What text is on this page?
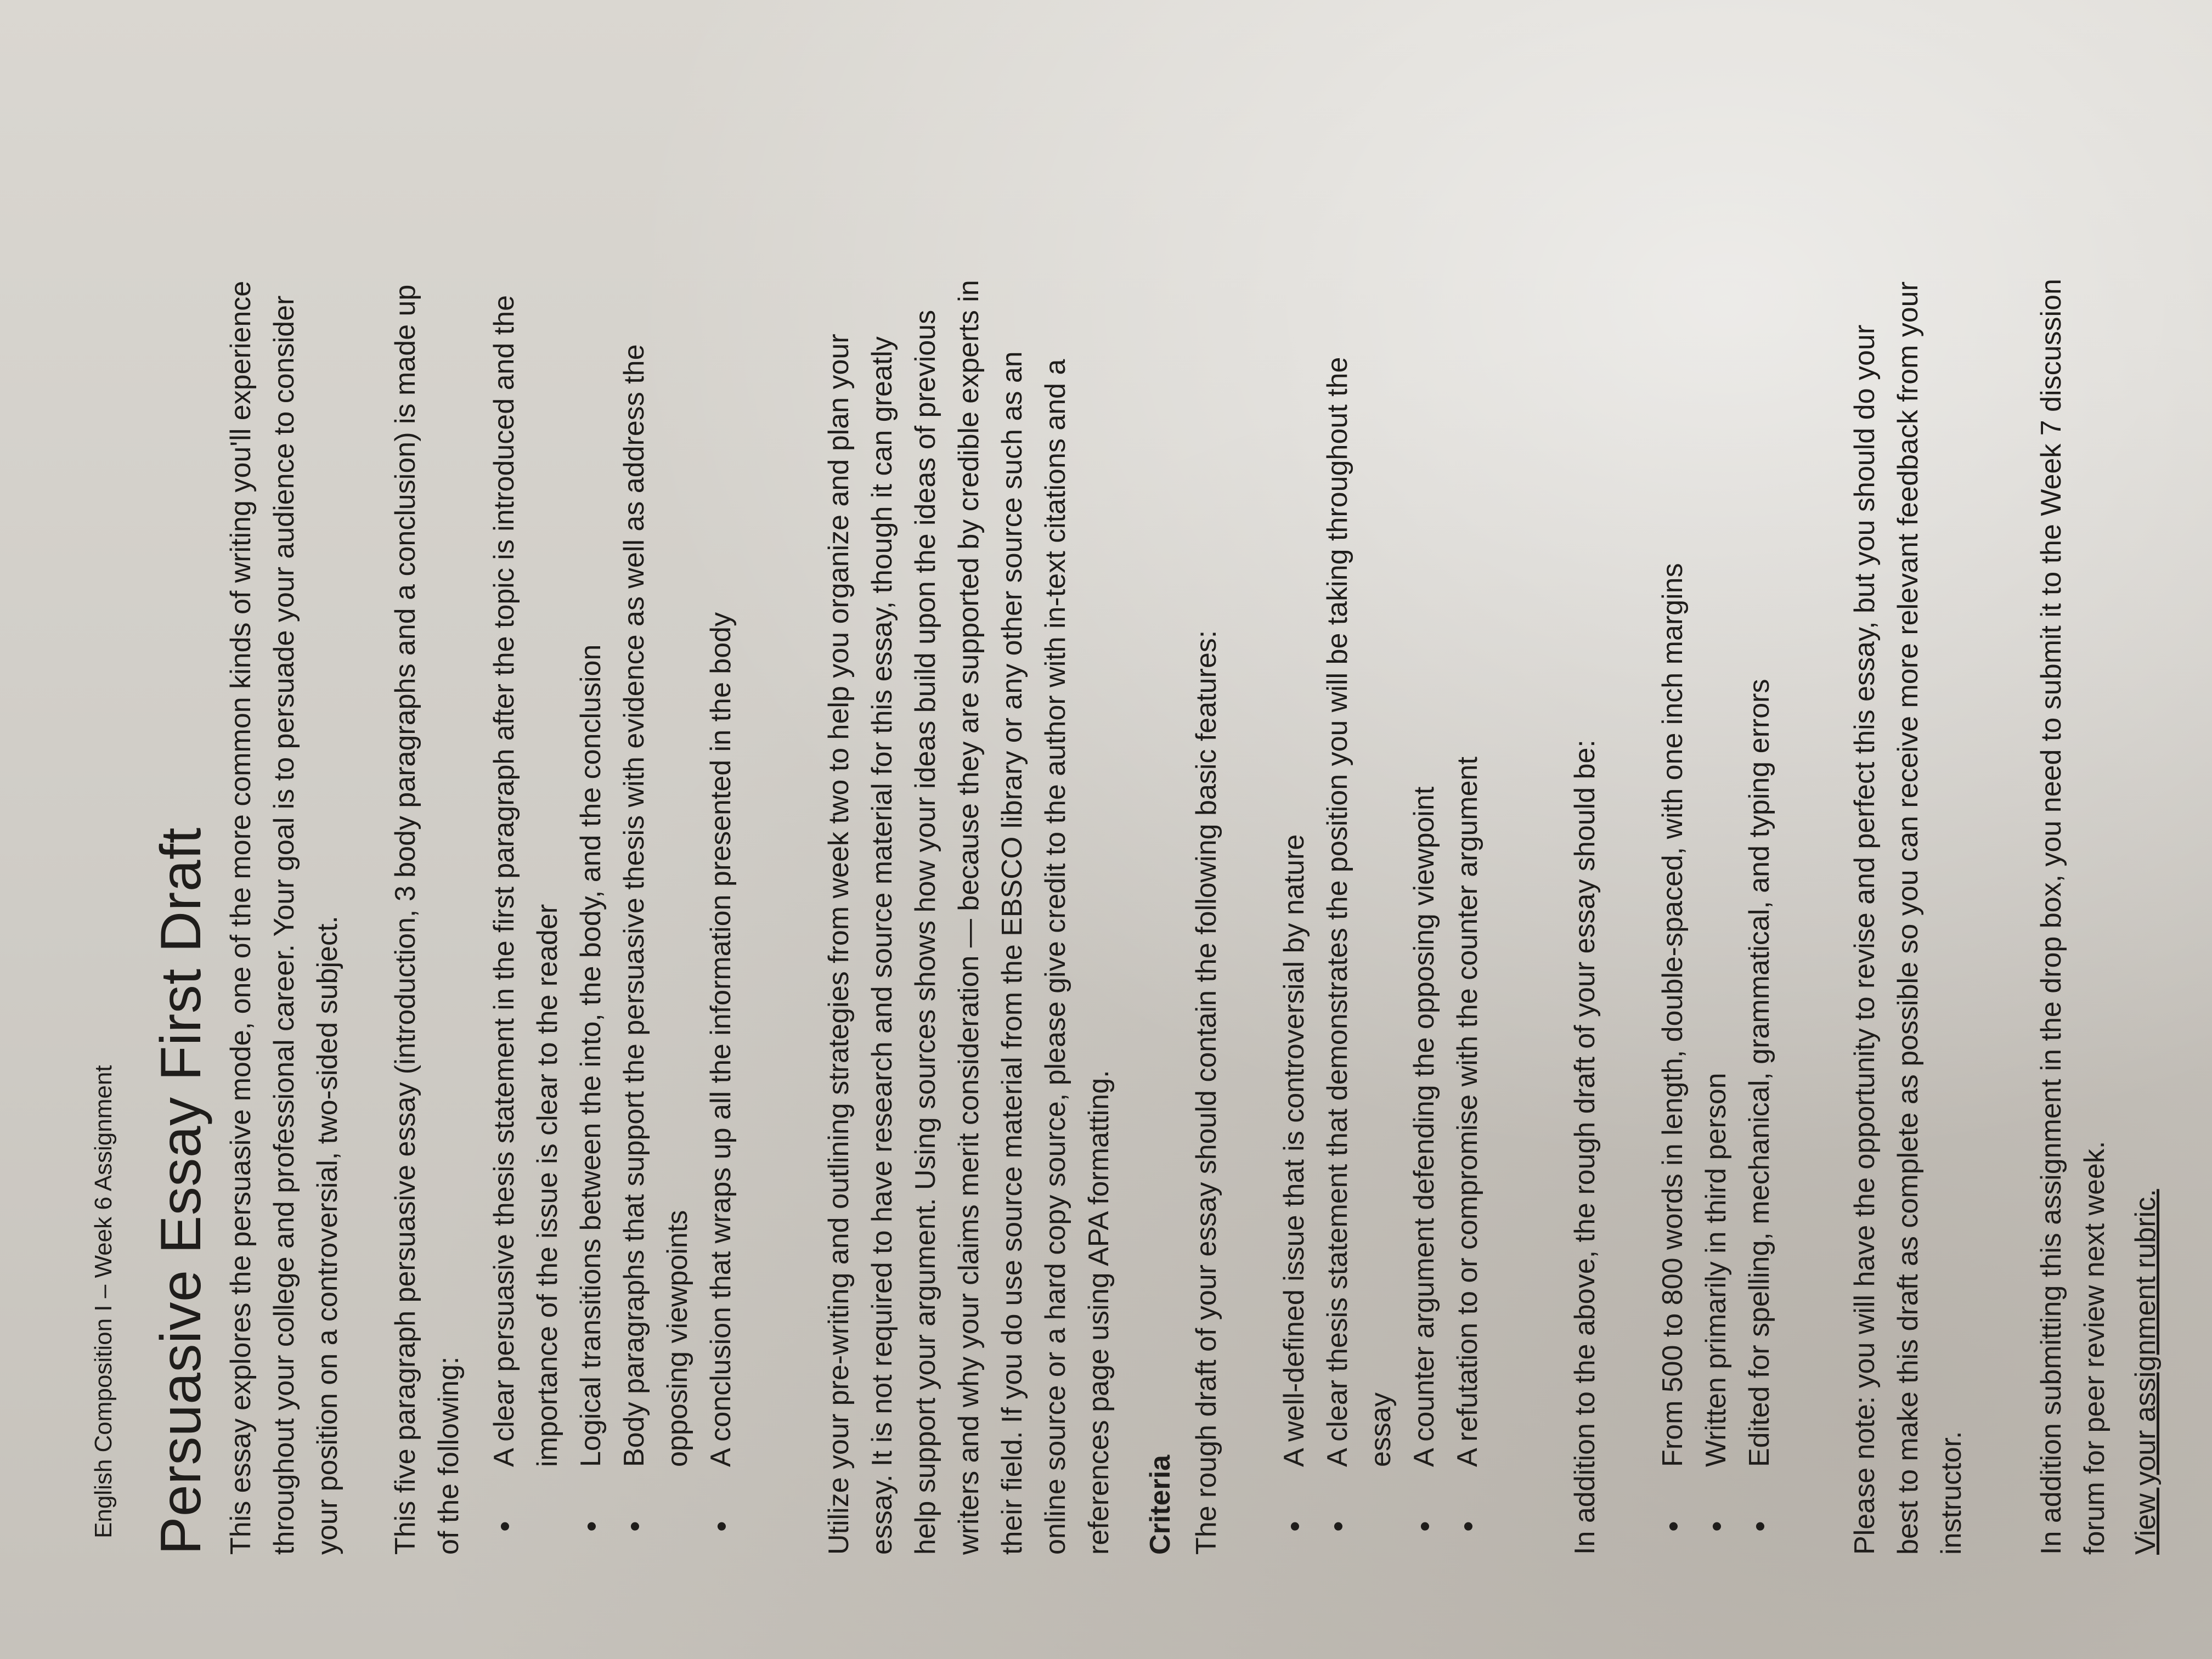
English Composition I – Week 6 Assignment Persuasive Essay First Draft This essay explores the persuasive mode, one of the more common kinds of writing you'll experience
throughout your college and professional career. Your goal is to persuade your audience to consider
your position on a controversial, two-sided subject.

This five paragraph persuasive essay (introduction, 3 body paragraphs and a conclusion) is made up
of the following:

•
A clear persuasive thesis statement in the first paragraph after the topic is introduced and the
importance of the issue is clear to the reader
•
Logical transitions between the into, the body, and the conclusion
•
Body paragraphs that support the persuasive thesis with evidence as well as address the
opposing viewpoints
•
A conclusion that wraps up all the information presented in the body

Utilize your pre-writing and outlining strategies from week two to help you organize and plan your
essay. It is not required to have research and source material for this essay, though it can greatly
help support your argument. Using sources shows how your ideas build upon the ideas of previous
writers and why your claims merit consideration — because they are supported by credible experts in
their field. If you do use source material from the EBSCO library or any other source such as an
online source or a hard copy source, please give credit to the author with in-text citations and a
references page using APA formatting.

Criteria The rough draft of your essay should contain the following basic features: •
A well-defined issue that is controversial by nature
•
A clear thesis statement that demonstrates the position you will be taking throughout the
essay
•
A counter argument defending the opposing viewpoint
•
A refutation to or compromise with the counter argument	In addition to the above, the rough draft of your essay should be: •
From 500 to 800 words in length, double-spaced, with one inch margins
•
Written primarily in third person
•
Edited for spelling, mechanical, grammatical, and typing errors

Please note: you will have the opportunity to revise and perfect this essay, but you should do your
best to make this draft as complete as possible so you can receive more relevant feedback from your
instructor. In addition submitting this assignment in the drop box, you need to submit it to the Week 7 discussion
forum for peer review next week.

View your assignment rubric.
